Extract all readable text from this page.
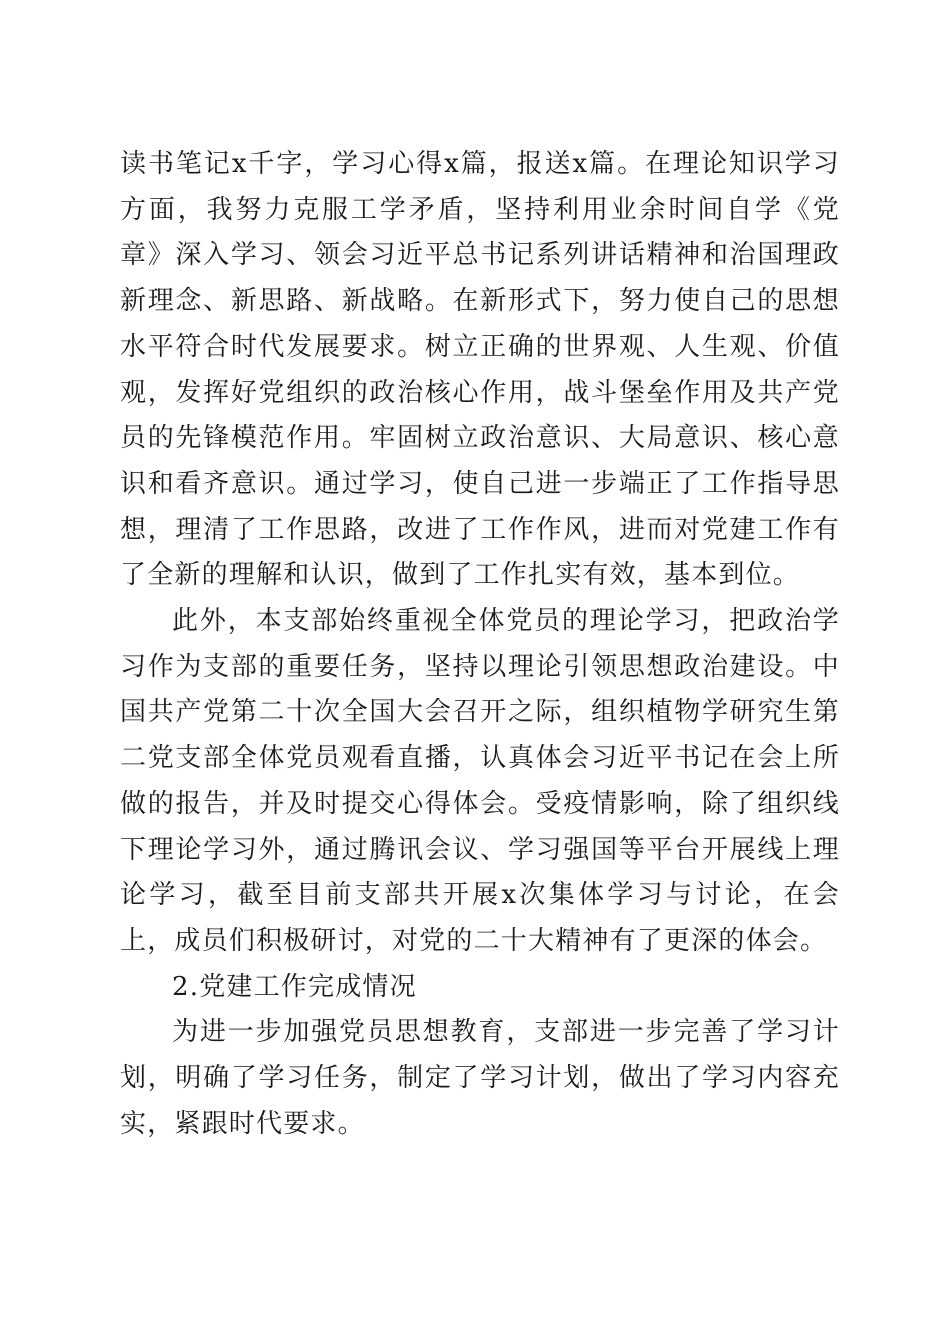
读书笔记x千字，学习心得x篇，报送x篇。在理论知识学习方面，我努力克服工学矛盾，坚持利用业余时间自学《党章》深入学习、领会习近平总书记系列讲话精神和治国理政新理念、新思路、新战略。在新形式下，努力使自己的思想水平符合时代发展要求。树立正确的世界观、人生观、价值观，发挥好党组织的政治核心作用，战斗堡垒作用及共产党员的先锋模范作用。牢固树立政治意识、大局意识、核心意识和看齐意识。通过学习，使自己进一步端正了工作指导思想，理清了工作思路，改进了工作作风，进而对党建工作有了全新的理解和认识，做到了工作扎实有效，基本到位。

此外，本支部始终重视全体党员的理论学习，把政治学习作为支部的重要任务，坚持以理论引领思想政治建设。中国共产党第二十次全国大会召开之际，组织植物学研究生第二党支部全体党员观看直播，认真体会习近平书记在会上所做的报告，并及时提交心得体会。受疫情影响，除了组织线下理论学习外，通过腾讯会议、学习强国等平台开展线上理论学习，截至目前支部共开展x次集体学习与讨论，在会上，成员们积极研讨，对党的二十大精神有了更深的体会。

2.党建工作完成情况

为进一步加强党员思想教育，支部进一步完善了学习计划，明确了学习任务，制定了学习计划，做出了学习内容充实，紧跟时代要求。
